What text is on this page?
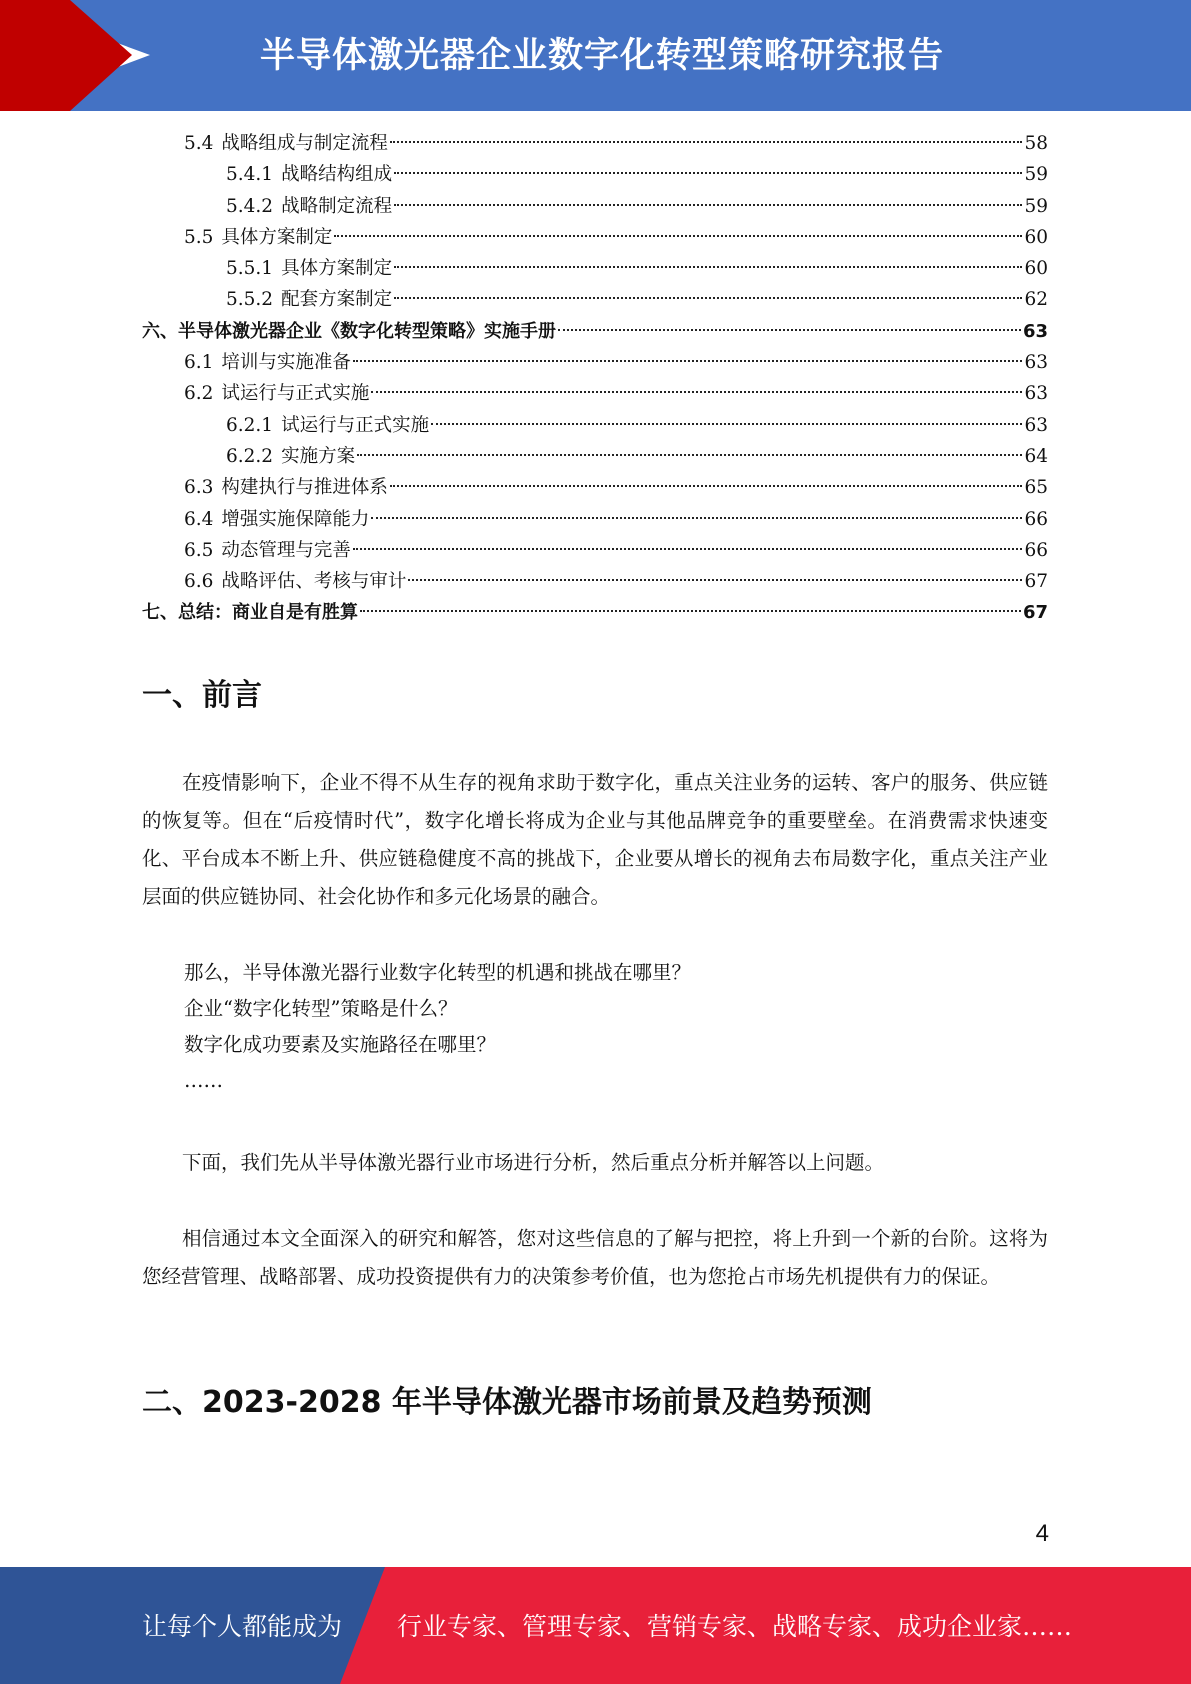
半导体激光器企业数字化转型策略研究报告
5.4 战略组成与制定流程	58
5.4.1 战略结构组成	59
5.4.2 战略制定流程	59
5.5 具体方案制定	60
5.5.1 具体方案制定	60
5.5.2 配套方案制定	62
六、半导体激光器企业《数字化转型策略》实施手册	63
6.1 培训与实施准备	63
6.2 试运行与正式实施	63
6.2.1 试运行与正式实施	63
6.2.2 实施方案	64
6.3 构建执行与推进体系	65
6.4 增强实施保障能力	66
6.5 动态管理与完善	66
6.6 战略评估、考核与审计	67
七、总结：商业自是有胜算	67
一、前言
在疫情影响下，企业不得不从生存的视角求助于数字化，重点关注业务的运转、客户的服务、供应链的恢复等。但在“后疫情时代”，数字化增长将成为企业与其他品牌竞争的重要壁垒。在消费需求快速变化、平台成本不断上升、供应链稳健度不高的挑战下，企业要从增长的视角去布局数字化，重点关注产业层面的供应链协同、社会化协作和多元化场景的融合。
那么，半导体激光器行业数字化转型的机遇和挑战在哪里？
企业“数字化转型”策略是什么？
数字化成功要素及实施路径在哪里？
……
下面，我们先从半导体激光器行业市场进行分析，然后重点分析并解答以上问题。
相信通过本文全面深入的研究和解答，您对这些信息的了解与把控，将上升到一个新的台阶。这将为您经营管理、战略部署、成功投资提供有力的决策参考价值，也为您抢占市场先机提供有力的保证。
二、2023-2028 年半导体激光器市场前景及趋势预测
4
让每个人都能成为 行业专家、管理专家、营销专家、战略专家、成功企业家……
